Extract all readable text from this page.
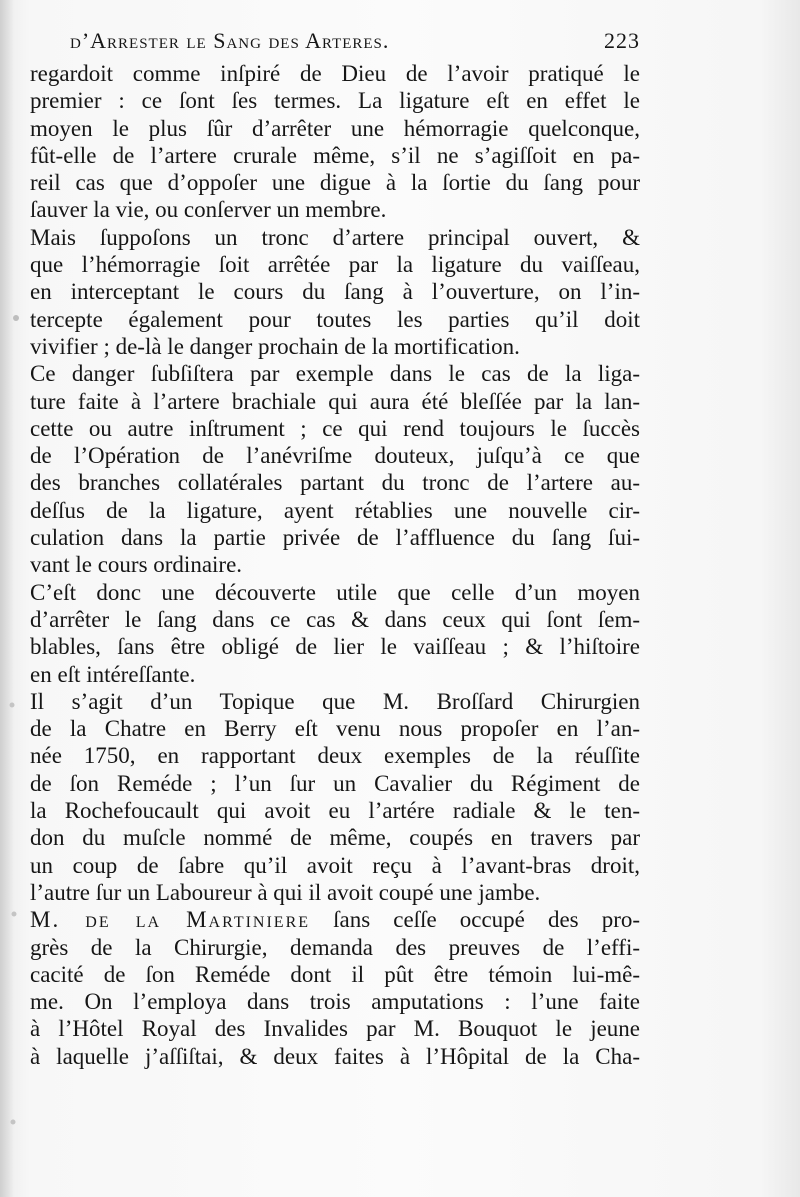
d’Arrester le Sang des Arteres.	223
regardoit comme inſpiré de Dieu de l’avoir pratiqué le
premier : ce ſont ſes termes. La ligature eſt en effet le
moyen le plus ſûr d’arrêter une hémorragie quelconque,
fût-elle de l’artere crurale même, s’il ne s’agiſſoit en pa-
reil cas que d’oppoſer une digue à la ſortie du ſang pour
ſauver la vie, ou conſerver un membre.
Mais ſuppoſons un tronc d’artere principal ouvert, &
que l’hémorragie ſoit arrêtée par la ligature du vaiſſeau,
en interceptant le cours du ſang à l’ouverture, on l’in-
tercepte également pour toutes les parties qu’il doit
vivifier ; de-là le danger prochain de la mortification.
Ce danger ſubſiſtera par exemple dans le cas de la liga-
ture faite à l’artere brachiale qui aura été bleſſée par la lan-
cette ou autre inſtrument ; ce qui rend toujours le ſuccès
de l’Opération de l’anévriſme douteux, juſqu’à ce que
des branches collatérales partant du tronc de l’artere au-
deſſus de la ligature, ayent rétablies une nouvelle cir-
culation dans la partie privée de l’affluence du ſang ſui-
vant le cours ordinaire.
C’eſt donc une découverte utile que celle d’un moyen
d’arrêter le ſang dans ce cas & dans ceux qui ſont ſem-
blables, ſans être obligé de lier le vaiſſeau ; & l’hiſtoire
en eſt intéreſſante.
Il s’agit d’un Topique que M. Broſſard Chirurgien
de la Chatre en Berry eſt venu nous propoſer en l’an-
née 1750, en rapportant deux exemples de la réuſſite
de ſon Reméde ; l’un ſur un Cavalier du Régiment de
la Rochefoucault qui avoit eu l’artére radiale & le ten-
don du muſcle nommé de même, coupés en travers par
un coup de ſabre qu’il avoit reçu à l’avant-bras droit,
l’autre ſur un Laboureur à qui il avoit coupé une jambe.
M. de la Martiniere ſans ceſſe occupé des pro-
grès de la Chirurgie, demanda des preuves de l’effi-
cacité de ſon Reméde dont il pût être témoin lui-mê-
me. On l’employa dans trois amputations : l’une faite
à l’Hôtel Royal des Invalides par M. Bouquot le jeune
à laquelle j’aſſiſtai, & deux faites à l’Hôpital de la Cha-
